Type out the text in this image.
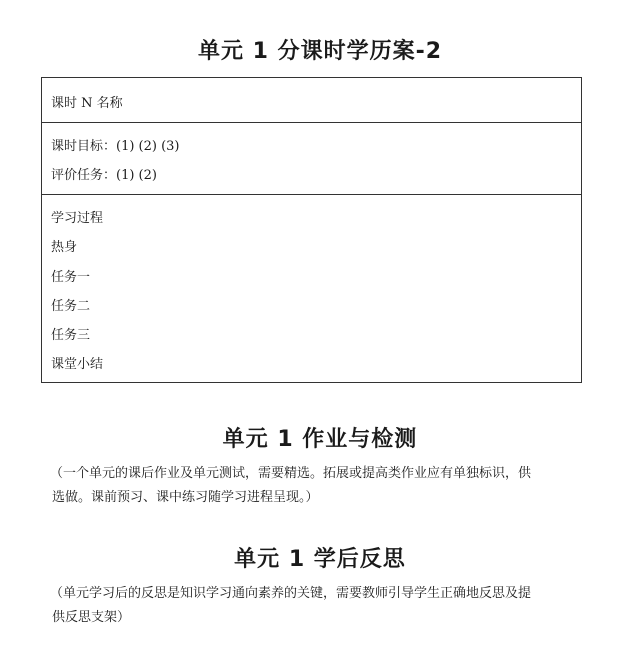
单元 1 分课时学历案-2
课时 N 名称
课时目标：(1) (2) (3)
评价任务：(1) (2)
学习过程
热身
任务一
任务二
任务三
课堂小结
单元 1 作业与检测

（一个单元的课后作业及单元测试，需要精选。拓展或提高类作业应有单独标识，供
选做。课前预习、课中练习随学习进程呈现。）

单元 1 学后反思

（单元学习后的反思是知识学习通向素养的关键，需要教师引导学生正确地反思及提
供反思支架）
